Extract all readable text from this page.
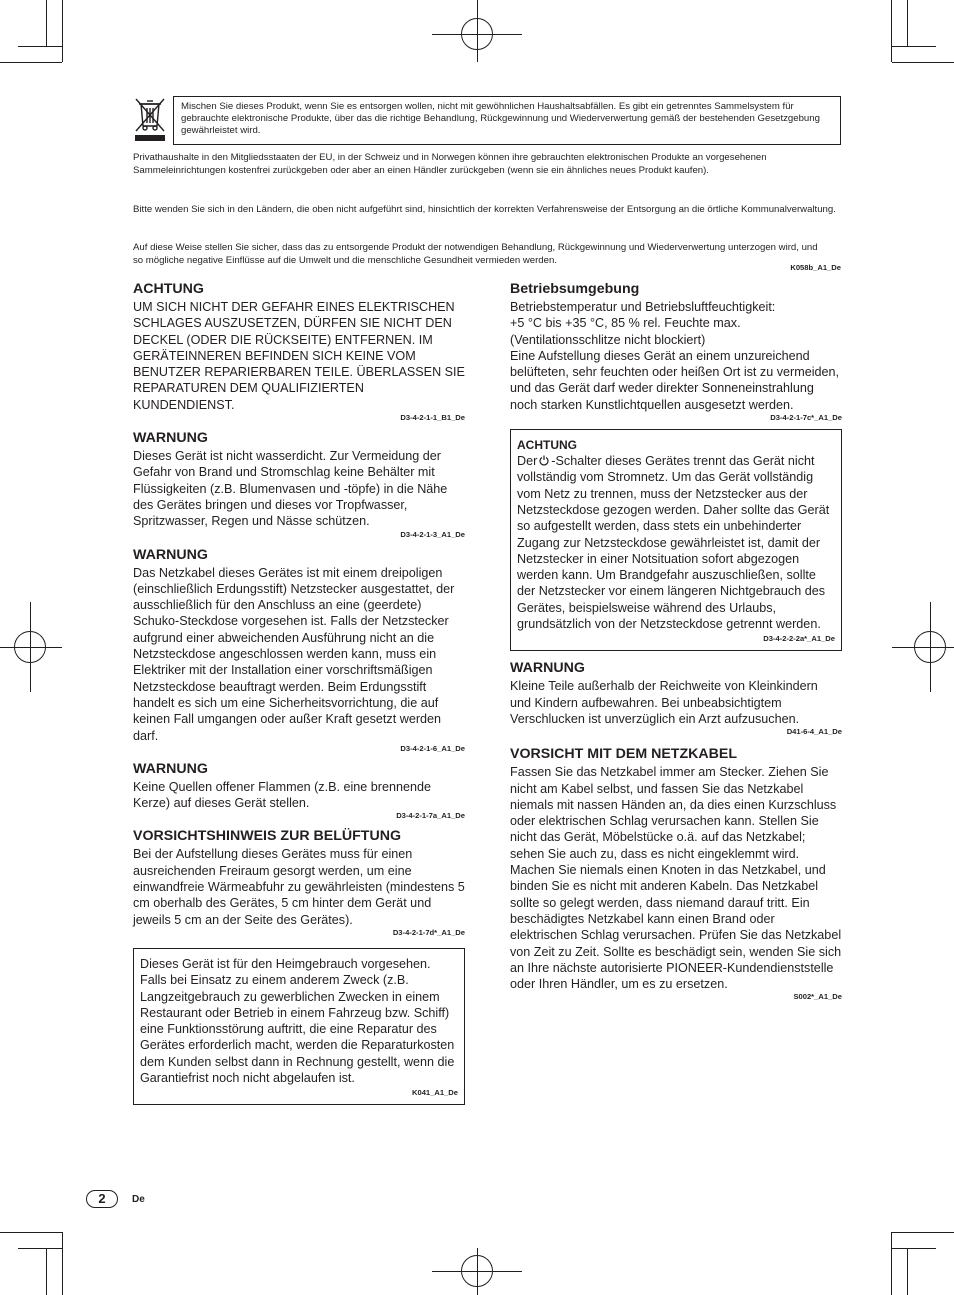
Mischen Sie dieses Produkt, wenn Sie es entsorgen wollen, nicht mit gewöhnlichen Haushaltsabfällen. Es gibt ein getrenntes Sammelsystem für gebrauchte elektronische Produkte, über das die richtige Behandlung, Rückgewinnung und Wiederverwertung gemäß der bestehenden Gesetzgebung gewährleistet wird.
Privathaushalte in den Mitgliedsstaaten der EU, in der Schweiz und in Norwegen können ihre gebrauchten elektronischen Produkte an vorgesehenen Sammeleinrichtungen kostenfrei zurückgeben oder aber an einen Händler zurückgeben (wenn sie ein ähnliches neues Produkt kaufen).
Bitte wenden Sie sich in den Ländern, die oben nicht aufgeführt sind, hinsichtlich der korrekten Verfahrensweise der Entsorgung an die örtliche Kommunalverwaltung.
Auf diese Weise stellen Sie sicher, dass das zu entsorgende Produkt der notwendigen Behandlung, Rückgewinnung und Wiederverwertung unterzogen wird, und so mögliche negative Einflüsse auf die Umwelt und die menschliche Gesundheit vermieden werden.
K058b_A1_De
ACHTUNG

UM SICH NICHT DER GEFAHR EINES ELEKTRISCHEN SCHLAGES AUSZUSETZEN, DÜRFEN SIE NICHT DEN DECKEL (ODER DIE RÜCKSEITE) ENTFERNEN. IM GERÄTEINNEREN BEFINDEN SICH KEINE VOM BENUTZER REPARIERBAREN TEILE. ÜBERLASSEN SIE REPARATUREN DEM QUALIFIZIERTEN KUNDENDIENST.

D3-4-2-1-1_B1_De
WARNUNG

Dieses Gerät ist nicht wasserdicht. Zur Vermeidung der Gefahr von Brand und Stromschlag keine Behälter mit Flüssigkeiten (z.B. Blumenvasen und -töpfe) in die Nähe des Gerätes bringen und dieses vor Tropfwasser, Spritzwasser, Regen und Nässe schützen.

D3-4-2-1-3_A1_De
WARNUNG

Das Netzkabel dieses Gerätes ist mit einem dreipoligen (einschließlich Erdungsstift) Netzstecker ausgestattet, der ausschließlich für den Anschluss an eine (geerdete) Schuko-Steckdose vorgesehen ist. Falls der Netzstecker aufgrund einer abweichenden Ausführung nicht an die Netzsteckdose angeschlossen werden kann, muss ein Elektriker mit der Installation einer vorschriftsmäßigen Netzsteckdose beauftragt werden. Beim Erdungsstift handelt es sich um eine Sicherheitsvorrichtung, die auf keinen Fall umgangen oder außer Kraft gesetzt werden darf.

D3-4-2-1-6_A1_De
WARNUNG

Keine Quellen offener Flammen (z.B. eine brennende Kerze) auf dieses Gerät stellen.

D3-4-2-1-7a_A1_De
VORSICHTSHINWEIS ZUR BELÜFTUNG

Bei der Aufstellung dieses Gerätes muss für einen ausreichenden Freiraum gesorgt werden, um eine einwandfreie Wärmeabfuhr zu gewährleisten (mindestens 5 cm oberhalb des Gerätes, 5 cm hinter dem Gerät und jeweils 5 cm an der Seite des Gerätes).

D3-4-2-1-7d*_A1_De

Dieses Gerät ist für den Heimgebrauch vorgesehen. Falls bei Einsatz zu einem anderem Zweck (z.B. Langzeitgebrauch zu gewerblichen Zwecken in einem Restaurant oder Betrieb in einem Fahrzeug bzw. Schiff) eine Funktionsstörung auftritt, die eine Reparatur des Gerätes erforderlich macht, werden die Reparaturkosten dem Kunden selbst dann in Rechnung gestellt, wenn die Garantiefrist noch nicht abgelaufen ist.

K041_A1_De
Betriebsumgebung

Betriebstemperatur und Betriebsluftfeuchtigkeit:

+5 °C bis +35 °C, 85 % rel. Feuchte max.

(Ventilationsschlitze nicht blockiert)

Eine Aufstellung dieses Gerät an einem unzureichend belüfteten, sehr feuchten oder heißen Ort ist zu vermeiden, und das Gerät darf weder direkter Sonneneinstrahlung noch starken Kunstlichtquellen ausgesetzt werden.

D3-4-2-1-7c*_A1_De
ACHTUNG

Der -Schalter dieses Gerätes trennt das Gerät nicht vollständig vom Stromnetz. Um das Gerät vollständig vom Netz zu trennen, muss der Netzstecker aus der Netzsteckdose gezogen werden. Daher sollte das Gerät so aufgestellt werden, dass stets ein unbehinderter Zugang zur Netzsteckdose gewährleistet ist, damit der Netzstecker in einer Notsituation sofort abgezogen werden kann. Um Brandgefahr auszuschließen, sollte der Netzstecker vor einem längeren Nichtgebrauch des Gerätes, beispielsweise während des Urlaubs, grundsätzlich von der Netzsteckdose getrennt werden.

D3-4-2-2-2a*_A1_De
WARNUNG

Kleine Teile außerhalb der Reichweite von Kleinkindern und Kindern aufbewahren. Bei unbeabsichtigtem Verschlucken ist unverzüglich ein Arzt aufzusuchen.

D41-6-4_A1_De
VORSICHT MIT DEM NETZKABEL

Fassen Sie das Netzkabel immer am Stecker. Ziehen Sie nicht am Kabel selbst, und fassen Sie das Netzkabel niemals mit nassen Händen an, da dies einen Kurzschluss oder elektrischen Schlag verursachen kann. Stellen Sie nicht das Gerät, Möbelstücke o.ä. auf das Netzkabel; sehen Sie auch zu, dass es nicht eingeklemmt wird. Machen Sie niemals einen Knoten in das Netzkabel, und binden Sie es nicht mit anderen Kabeln. Das Netzkabel sollte so gelegt werden, dass niemand darauf tritt. Ein beschädigtes Netzkabel kann einen Brand oder elektrischen Schlag verursachen. Prüfen Sie das Netzkabel von Zeit zu Zeit. Sollte es beschädigt sein, wenden Sie sich an Ihre nächste autorisierte PIONEER-Kundendienststelle oder Ihren Händler, um es zu ersetzen.

S002*_A1_De
2	De
